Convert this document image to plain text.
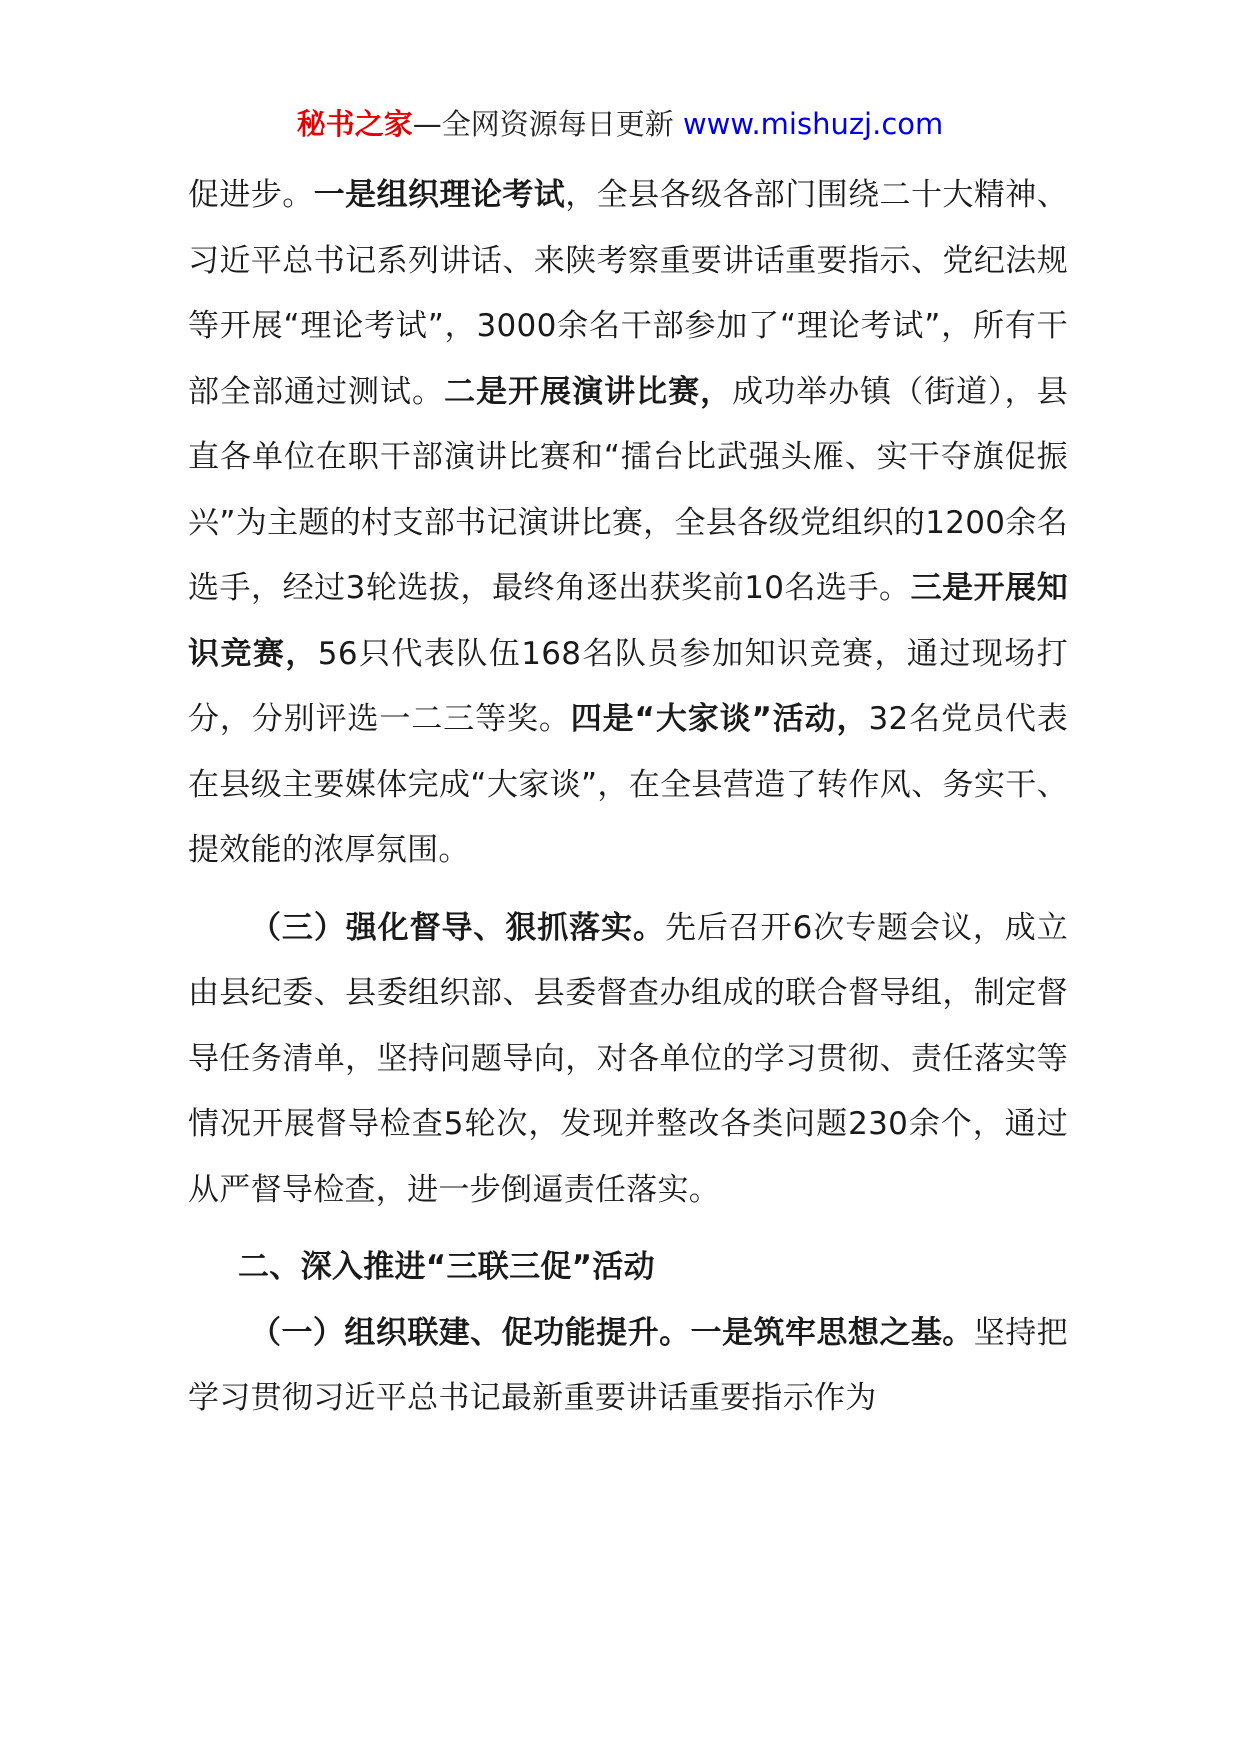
秘书之家—全网资源每日更新 www.mishuzj.com

促进步。一是组织理论考试，全县各级各部门围绕二十大精神、习近平总书记系列讲话、来陕考察重要讲话重要指示、党纪法规等开展“理论考试”，3000余名干部参加了“理论考试”，所有干部全部通过测试。二是开展演讲比赛，成功举办镇（街道），县直各单位在职干部演讲比赛和“擂台比武强头雁、实干夺旗促振兴”为主题的村支部书记演讲比赛，全县各级党组织的1200余名选手，经过3轮选拔，最终角逐出获奖前10名选手。三是开展知识竞赛，56只代表队伍168名队员参加知识竞赛，通过现场打分，分别评选一二三等奖。四是“大家谈”活动，32名党员代表在县级主要媒体完成“大家谈”，在全县营造了转作风、务实干、提效能的浓厚氛围。

（三）强化督导、狠抓落实。先后召开6次专题会议，成立由县纪委、县委组织部、县委督查办组成的联合督导组，制定督导任务清单，坚持问题导向，对各单位的学习贯彻、责任落实等情况开展督导检查5轮次，发现并整改各类问题230余个，通过从严督导检查，进一步倒逼责任落实。

二、深入推进“三联三促”活动

（一）组织联建、促功能提升。一是筑牢思想之基。坚持把学习贯彻习近平总书记最新重要讲话重要指示作为
